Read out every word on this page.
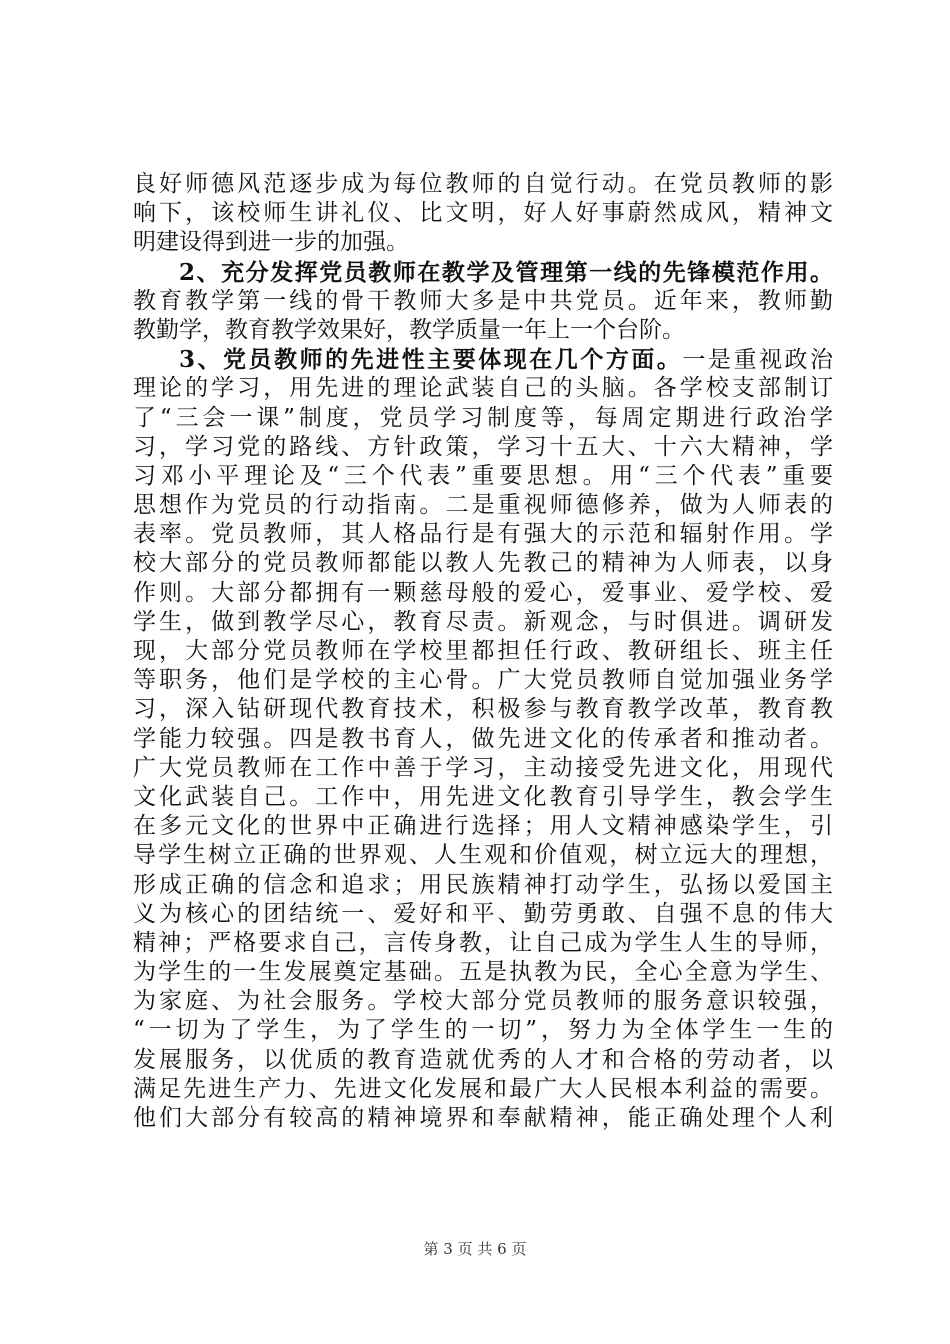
良好师德风范逐步成为每位教师的自觉行动。在党员教师的影
响下，该校师生讲礼仪、比文明，好人好事蔚然成风，精神文
明建设得到进一步的加强。
2、充分发挥党员教师在教学及管理第一线的先锋模范作用。
教育教学第一线的骨干教师大多是中共党员。近年来，教师勤
教勤学，教育教学效果好，教学质量一年上一个台阶。
3、党员教师的先进性主要体现在几个方面。一是重视政治
理论的学习，用先进的理论武装自己的头脑。各学校支部制订
了“三会一课”制度，党员学习制度等，每周定期进行政治学
习，学习党的路线、方针政策，学习十五大、十六大精神，学
习邓小平理论及“三个代表”重要思想。用“三个代表”重要
思想作为党员的行动指南。二是重视师德修养，做为人师表的
表率。党员教师，其人格品行是有强大的示范和辐射作用。学
校大部分的党员教师都能以教人先教己的精神为人师表，以身
作则。大部分都拥有一颗慈母般的爱心，爱事业、爱学校、爱
学生，做到教学尽心，教育尽责。新观念，与时俱进。调研发
现，大部分党员教师在学校里都担任行政、教研组长、班主任
等职务，他们是学校的主心骨。广大党员教师自觉加强业务学
习，深入钻研现代教育技术，积极参与教育教学改革，教育教
学能力较强。四是教书育人，做先进文化的传承者和推动者。
广大党员教师在工作中善于学习，主动接受先进文化，用现代
文化武装自己。工作中，用先进文化教育引导学生，教会学生
在多元文化的世界中正确进行选择；用人文精神感染学生，引
导学生树立正确的世界观、人生观和价值观，树立远大的理想，
形成正确的信念和追求；用民族精神打动学生，弘扬以爱国主
义为核心的团结统一、爱好和平、勤劳勇敢、自强不息的伟大
精神；严格要求自己，言传身教，让自己成为学生人生的导师，
为学生的一生发展奠定基础。五是执教为民，全心全意为学生、
为家庭、为社会服务。学校大部分党员教师的服务意识较强，
“一切为了学生，为了学生的一切”，努力为全体学生一生的
发展服务，以优质的教育造就优秀的人才和合格的劳动者，以
满足先进生产力、先进文化发展和最广大人民根本利益的需要。
他们大部分有较高的精神境界和奉献精神，能正确处理个人利
第 3 页 共 6 页
